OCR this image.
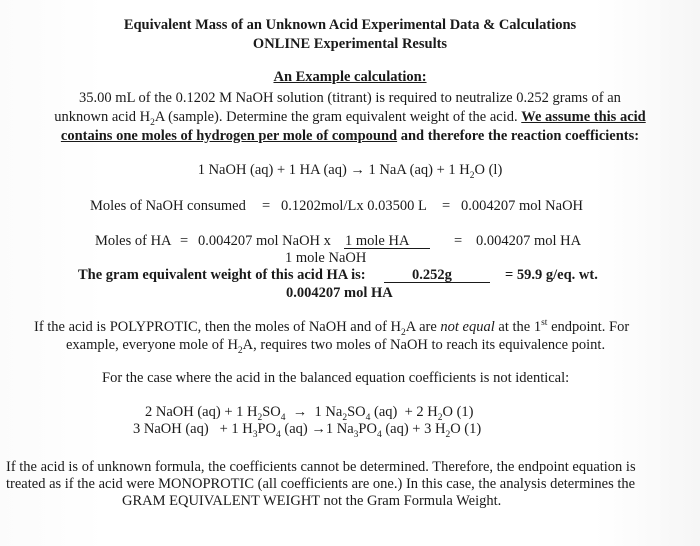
Equivalent Mass of an Unknown Acid Experimental Data & Calculations
ONLINE Experimental Results
An Example calculation:
35.00 mL of the 0.1202 M NaOH solution (titrant) is required to neutralize 0.252 grams of an
unknown acid $H_2A$ (sample). Determine the gram equivalent weight of the acid. We assume this acid
contains one moles of hydrogen per mole of compound and therefore the reaction coefficients:
1 NaOH (aq) + 1 HA (aq) → 1 NaA (aq) + 1 $H_2O$ (l)
Moles of NaOH consumed = 0.1202mol/Lx 0.03500 L = 0.004207 mol NaOH
Moles of HA = 0.004207 mol NaOH x 1 mole HA	= 0.004207 mol HA
1 mole NaOH
The gram equivalent weight of this acid HA is:	0.252g	= 59.9 g/eq. wt.
0.004207 mol HA
If the acid is POLYPROTIC, then the moles of NaOH and of $H_2A$ are not equal at the 1st endpoint. For
example, everyone mole of $H_2A$, requires two moles of NaOH to reach its equivalence point.
For the case where the acid in the balanced equation coefficients is not identical:
2 NaOH (aq) + 1 $H_2SO_4 \to 1$ $Na_2SO_4$ (aq)  + 2 $H_2O$ (1)
3 NaOH (aq)   + 1 $H_3PO_4$ (aq) →1 $Na_3PO_4$ (aq) + 3 $H_2O$ (1)
If the acid is of unknown formula, the coefficients cannot be determined. Therefore, the endpoint equation is
treated as if the acid were MONOPROTIC (all coefficients are one.) In this case, the analysis determines the
GRAM EQUIVALENT WEIGHT not the Gram Formula Weight.
